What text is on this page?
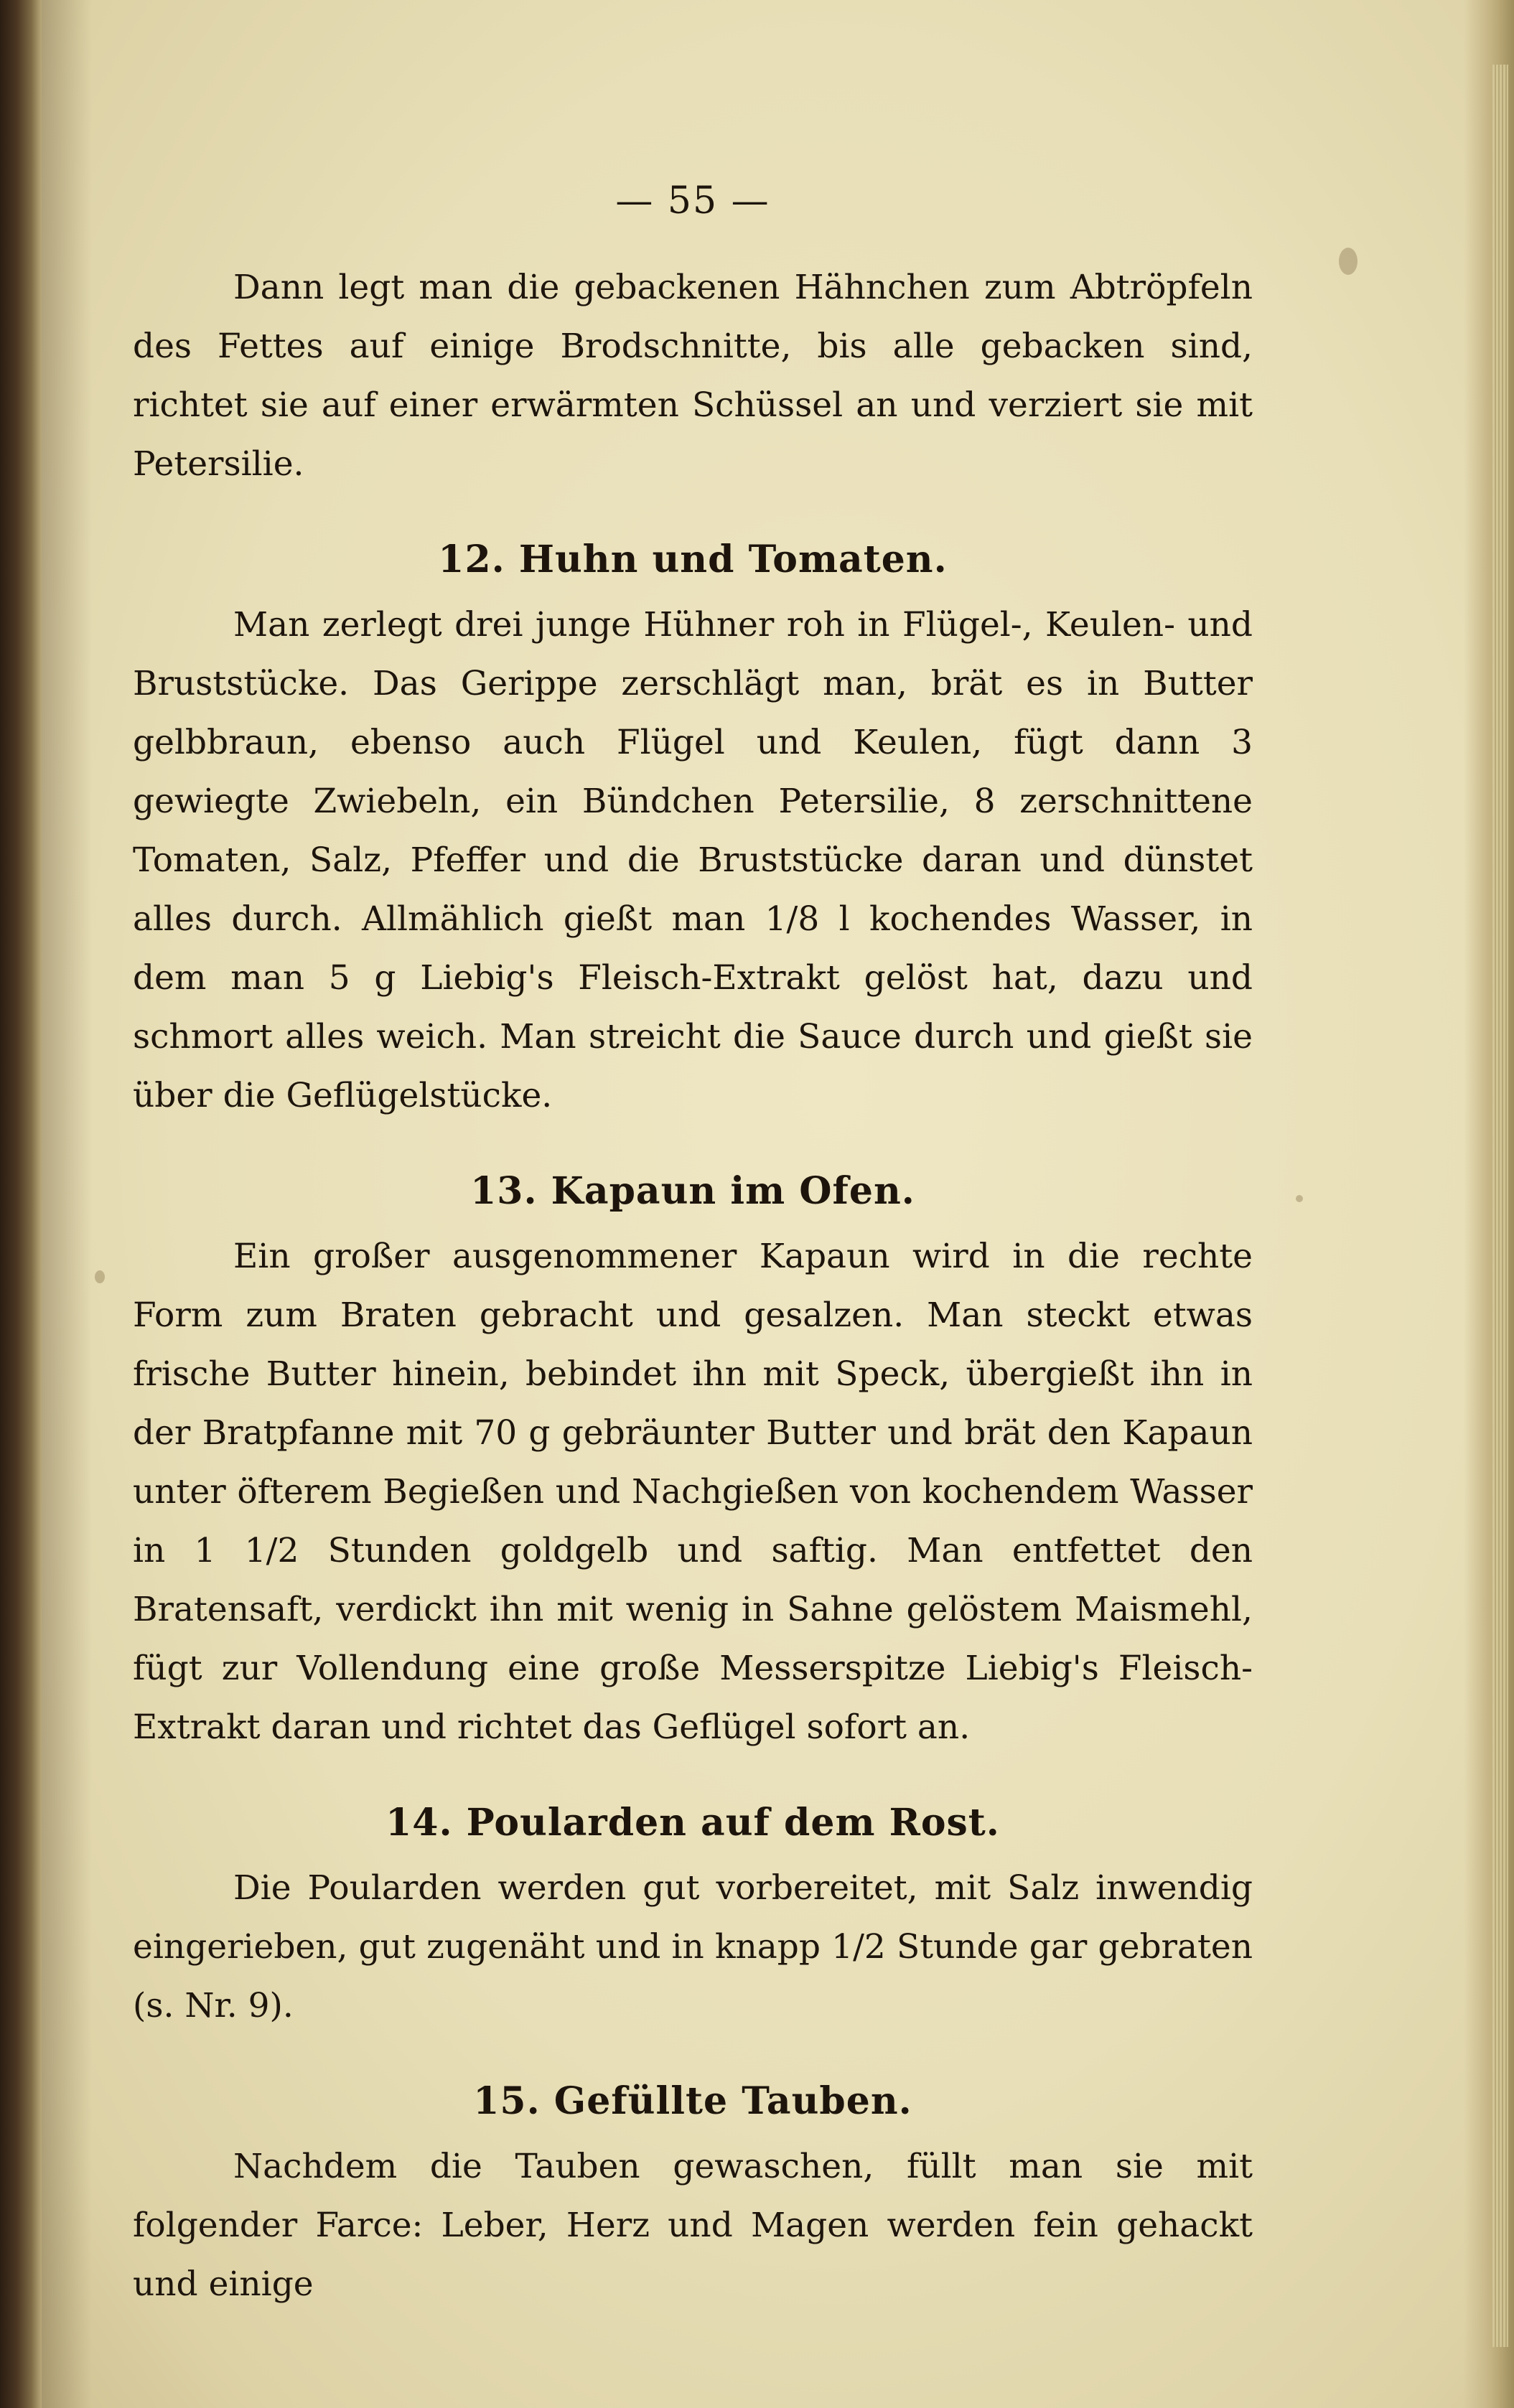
— 55 —

Dann legt man die gebackenen Hähnchen zum Abtröpfeln des Fettes auf einige Brodschnitte, bis alle gebacken sind, richtet sie auf einer erwärmten Schüssel an und verziert sie mit Petersilie.

12. Huhn und Tomaten.

Man zerlegt drei junge Hühner roh in Flügel-, Keulen- und Bruststücke. Das Gerippe zerschlägt man, brät es in Butter gelbbraun, ebenso auch Flügel und Keulen, fügt dann 3 gewiegte Zwiebeln, ein Bündchen Petersilie, 8 zerschnittene Tomaten, Salz, Pfeffer und die Bruststücke daran und dünstet alles durch. Allmählich gießt man 1/8 l kochendes Wasser, in dem man 5 g Liebig's Fleisch-Extrakt gelöst hat, dazu und schmort alles weich. Man streicht die Sauce durch und gießt sie über die Geflügelstücke.

13. Kapaun im Ofen.

Ein großer ausgenommener Kapaun wird in die rechte Form zum Braten gebracht und gesalzen. Man steckt etwas frische Butter hinein, bebindet ihn mit Speck, übergießt ihn in der Bratpfanne mit 70 g gebräunter Butter und brät den Kapaun unter öfterem Begießen und Nachgießen von kochendem Wasser in 1 1/2 Stunden goldgelb und saftig. Man entfettet den Bratensaft, verdickt ihn mit wenig in Sahne gelöstem Maismehl, fügt zur Vollendung eine große Messerspitze Liebig's Fleisch-Extrakt daran und richtet das Geflügel sofort an.

14. Poularden auf dem Rost.

Die Poularden werden gut vorbereitet, mit Salz inwendig eingerieben, gut zugenäht und in knapp 1/2 Stunde gar gebraten (s. Nr. 9).

15. Gefüllte Tauben.

Nachdem die Tauben gewaschen, füllt man sie mit folgender Farce: Leber, Herz und Magen werden fein gehackt und einige
